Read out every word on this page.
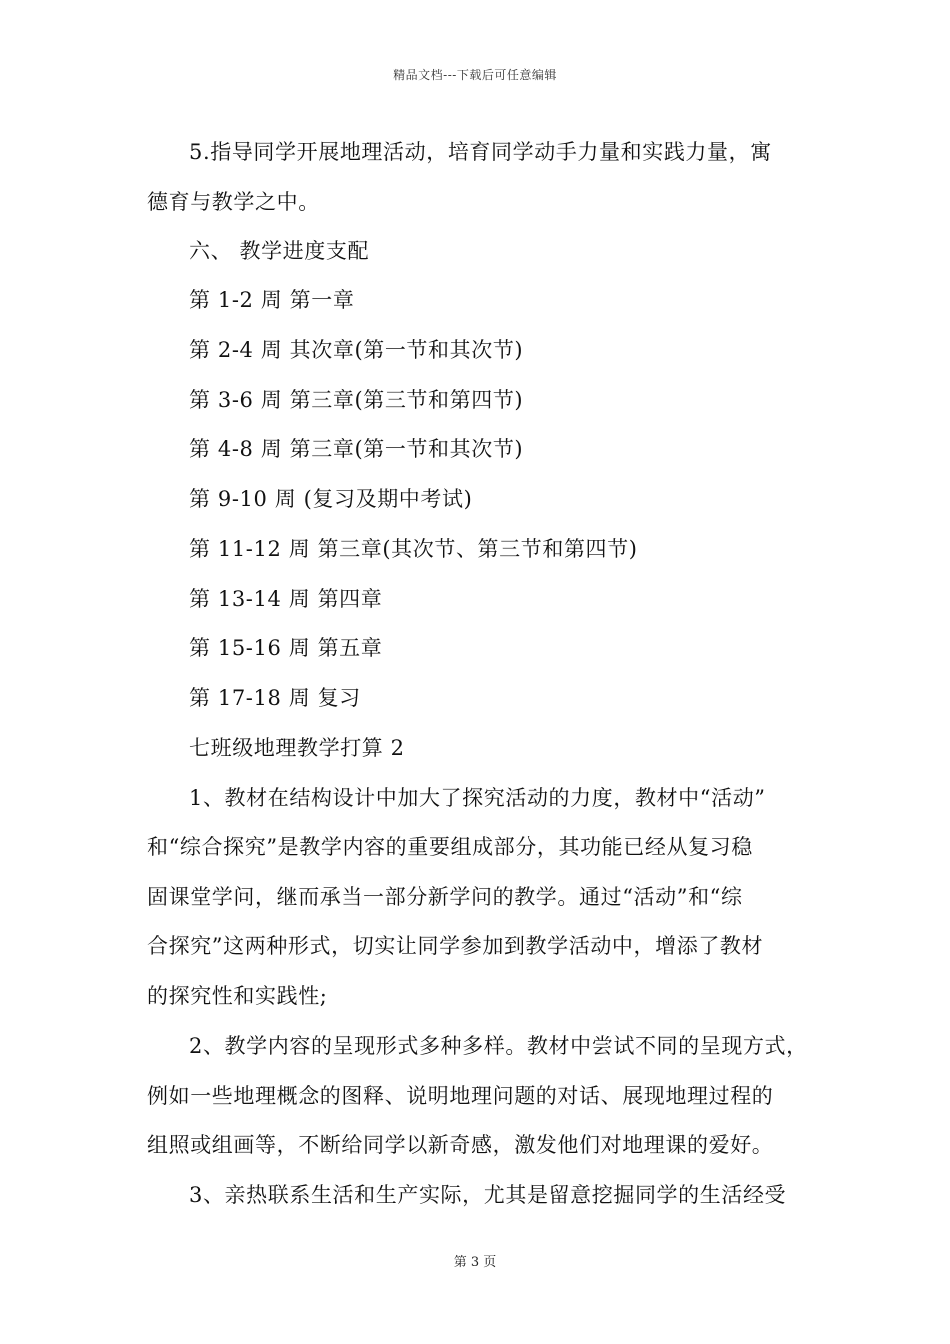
精品文档---下载后可任意编辑
5.指导同学开展地理活动，培育同学动手力量和实践力量，寓
德育与教学之中。
六、 教学进度支配
第 1-2 周 第一章
第 2-4 周 其次章(第一节和其次节)
第 3-6 周 第三章(第三节和第四节)
第 4-8 周 第三章(第一节和其次节)
第 9-10 周 (复习及期中考试)
第 11-12 周 第三章(其次节、第三节和第四节)
第 13-14 周 第四章
第 15-16 周 第五章
第 17-18 周 复习
七班级地理教学打算 2
1、教材在结构设计中加大了探究活动的力度，教材中“活动”
和“综合探究”是教学内容的重要组成部分，其功能已经从复习稳
固课堂学问，继而承当一部分新学问的教学。通过“活动”和“综
合探究”这两种形式，切实让同学参加到教学活动中，增添了教材
的探究性和实践性;
2、教学内容的呈现形式多种多样。教材中尝试不同的呈现方式，
例如一些地理概念的图释、说明地理问题的对话、展现地理过程的
组照或组画等，不断给同学以新奇感，激发他们对地理课的爱好。
3、亲热联系生活和生产实际，尤其是留意挖掘同学的生活经受
第 3 页
